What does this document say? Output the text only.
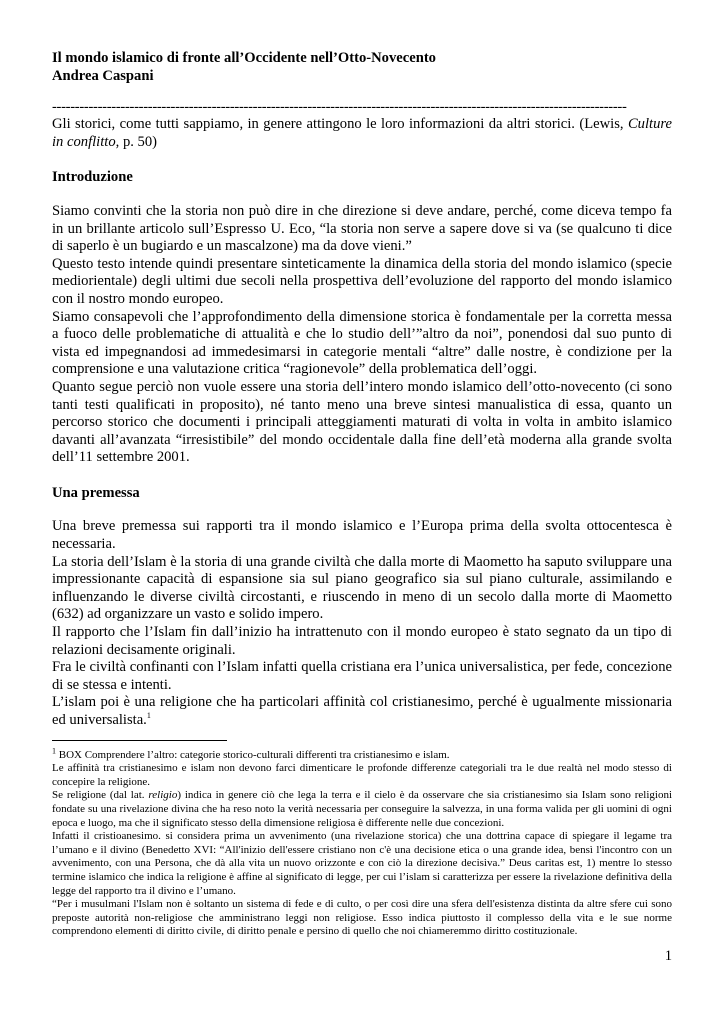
Il mondo islamico di fronte all’Occidente nell’Otto-Novecento

Andrea Caspani

------------------------------------------------------------------------------------------------------------------------------

Gli storici, come tutti sappiamo, in genere attingono le loro informazioni da altri storici. (Lewis, Culture in conflitto, p. 50)

Introduzione

Siamo convinti che la storia non può dire in che direzione si deve andare, perché, come diceva tempo fa in un brillante articolo sull’Espresso U. Eco, “la storia non serve a sapere dove si va (se qualcuno ti dice di saperlo è un bugiardo e un mascalzone) ma da dove vieni.”

Questo testo intende quindi presentare sinteticamente la dinamica della storia del mondo islamico (specie mediorientale) degli ultimi due secoli nella prospettiva dell’evoluzione del rapporto del mondo islamico con il nostro mondo europeo.

Siamo consapevoli che l’approfondimento della dimensione storica è fondamentale per la corretta messa a fuoco delle problematiche di attualità e che lo studio dell’”altro da noi”, ponendosi dal suo punto di vista ed impegnandosi ad immedesimarsi in categorie mentali “altre” dalle nostre, è condizione per la comprensione e una valutazione critica “ragionevole” della problematica dell’oggi.

Quanto segue perciò non vuole essere una storia dell’intero mondo islamico dell’otto-novecento (ci sono tanti testi qualificati in proposito), né tanto meno una breve sintesi manualistica di essa, quanto un percorso storico che documenti i principali atteggiamenti maturati di volta in volta in ambito islamico davanti all’avanzata “irresistibile” del mondo occidentale dalla fine dell’età moderna alla grande svolta dell’11 settembre 2001.

Una premessa

Una breve premessa sui rapporti tra il mondo islamico e l’Europa prima della svolta ottocentesca è necessaria.

La storia dell’Islam è la storia di una grande civiltà che dalla morte di Maometto ha saputo sviluppare una impressionante capacità di espansione sia sul piano geografico sia sul piano culturale, assimilando e influenzando le diverse civiltà circostanti, e riuscendo in meno di un secolo dalla morte di Maometto (632) ad organizzare un vasto e solido impero.

Il rapporto che l’Islam fin dall’inizio ha intrattenuto con il mondo europeo è stato segnato da un tipo di relazioni decisamente originali.

Fra le civiltà confinanti con l’Islam infatti quella cristiana era l’unica universalistica, per fede, concezione di se stessa e intenti.

L’islam poi è una religione che ha particolari affinità col cristianesimo, perché è ugualmente missionaria ed universalista.$^1$

$^1$ BOX Comprendere l’altro: categorie storico-culturali differenti tra cristianesimo e islam.

Le affinità tra cristianesimo e islam non devono farci dimenticare le profonde differenze categoriali tra le due realtà nel modo stesso di concepire la religione.

Se religione (dal lat. religio) indica in genere ciò che lega la terra e il cielo è da osservare che sia cristianesimo sia Islam sono religioni fondate su una rivelazione divina che ha reso noto la verità necessaria per conseguire la salvezza, in una forma valida per gli uomini di ogni epoca e luogo, ma che il significato stesso della dimensione religiosa è differente nelle due concezioni.

Infatti il cristioanesimo. si considera prima un avvenimento (una rivelazione storica) che una dottrina capace di spiegare il legame tra l’umano e il divino (Benedetto XVI: “All'inizio dell'essere cristiano non c'è una decisione etica o una grande idea, bensì l'incontro con un avvenimento, con una Persona, che dà alla vita un nuovo orizzonte e con ciò la direzione decisiva.” Deus caritas est, 1) mentre lo stesso termine islamico che indica la religione è affine al significato di legge, per cui l’islam si caratterizza per essere la rivelazione definitiva della legge del rapporto tra il divino e l’umano.

“Per i musulmani l'Islam non è soltanto un sistema di fede e di culto, o per così dire una sfera dell'esistenza distinta da altre sfere cui sono preposte autorità non-religiose che amministrano leggi non religiose. Esso indica piuttosto il complesso della vita e le sue norme comprendono elementi di diritto civile, di diritto penale e persino di quello che noi chiameremmo diritto costituzionale.

1
